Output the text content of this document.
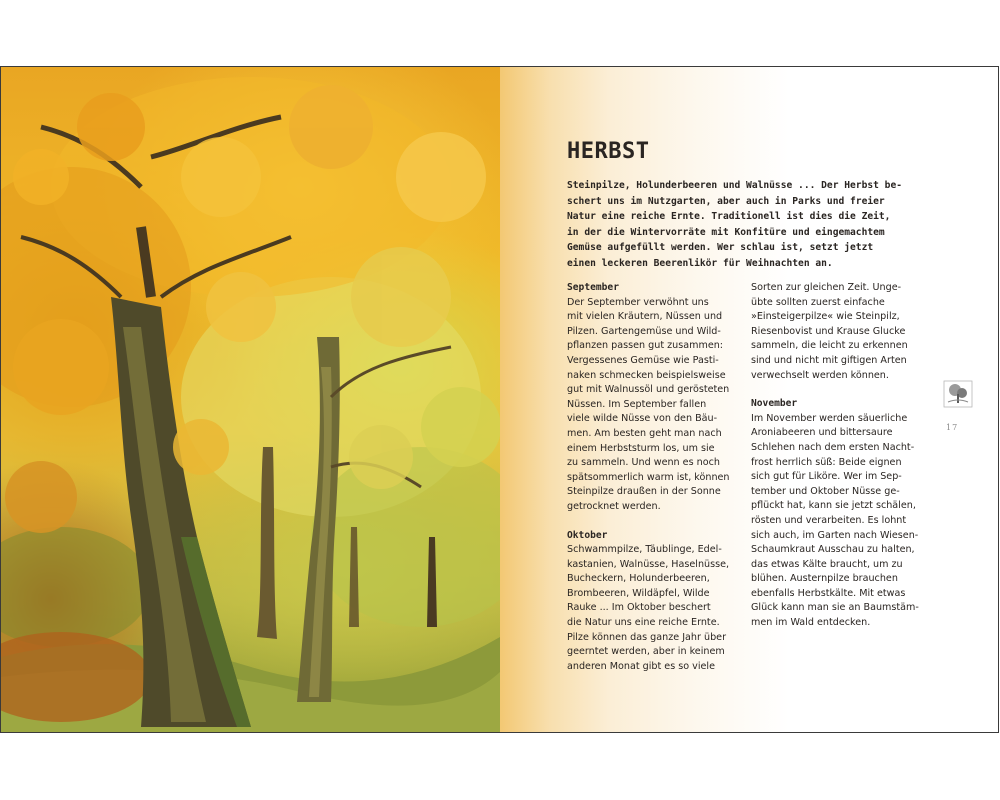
HERBST

Steinpilze, Holunderbeeren und Walnüsse ... Der Herbst be-
schert uns im Nutzgarten, aber auch in Parks und freier
Natur eine reiche Ernte. Traditionell ist dies die Zeit,
in der die Wintervorräte mit Konfitüre und eingemachtem
Gemüse aufgefüllt werden. Wer schlau ist, setzt jetzt
einen leckeren Beerenlikör für Weihnachten an.

September

Der September verwöhnt uns
mit vielen Kräutern, Nüssen und
Pilzen. Gartengemüse und Wild-
pflanzen passen gut zusammen:
Vergessenes Gemüse wie Pasti-
naken schmecken beispielsweise
gut mit Walnussöl und gerösteten
Nüssen. Im September fallen
viele wilde Nüsse von den Bäu-
men. Am besten geht man nach
einem Herbststurm los, um sie
zu sammeln. Und wenn es noch
spätsommerlich warm ist, können
Steinpilze draußen in der Sonne
getrocknet werden.

Oktober

Schwammpilze, Täublinge, Edel-
kastanien, Walnüsse, Haselnüsse,
Bucheckern, Holunderbeeren,
Brombeeren, Wildäpfel, Wilde
Rauke ... Im Oktober beschert
die Natur uns eine reiche Ernte.
Pilze können das ganze Jahr über
geerntet werden, aber in keinem
anderen Monat gibt es so viele

Sorten zur gleichen Zeit. Unge-
übte sollten zuerst einfache
»Einsteigerpilze« wie Steinpilz,
Riesenbovist und Krause Glucke
sammeln, die leicht zu erkennen
sind und nicht mit giftigen Arten
verwechselt werden können.

November

Im November werden säuerliche
Aroniabeeren und bittersaure
Schlehen nach dem ersten Nacht-
frost herrlich süß: Beide eignen
sich gut für Liköre. Wer im Sep-
tember und Oktober Nüsse ge-
pflückt hat, kann sie jetzt schälen,
rösten und verarbeiten. Es lohnt
sich auch, im Garten nach Wiesen-
Schaumkraut Ausschau zu halten,
das etwas Kälte braucht, um zu
blühen. Austernpilze brauchen
ebenfalls Herbstkälte. Mit etwas
Glück kann man sie an Baumstäm-
men im Wald entdecken.

17
